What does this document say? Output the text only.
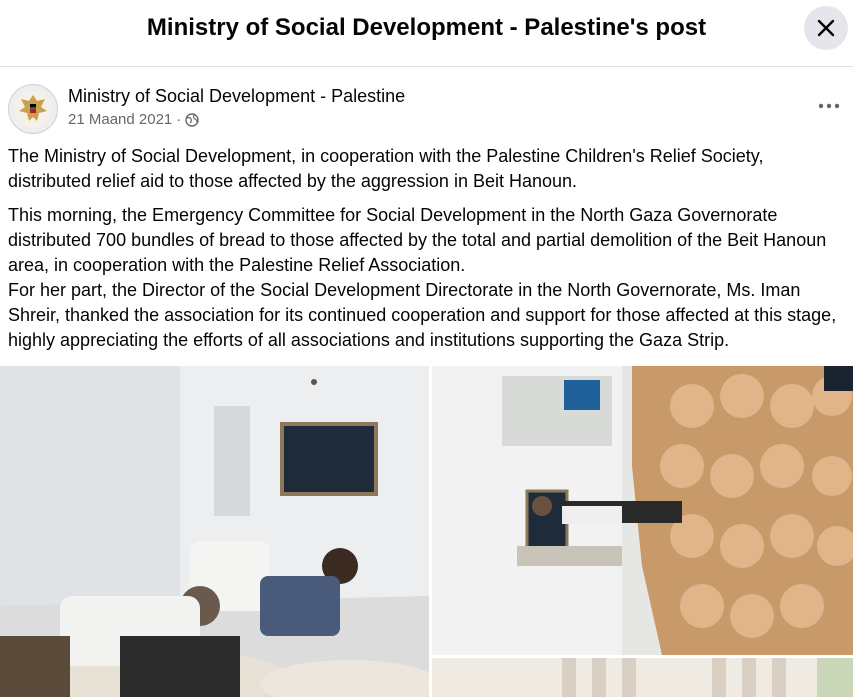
Ministry of Social Development - Palestine's post
Ministry of Social Development - Palestine
21 Maand 2021 ·

The Ministry of Social Development, in cooperation with the Palestine Children's Relief Society, distributed relief aid to those affected by the aggression in Beit Hanoun.

This morning, the Emergency Committee for Social Development in the North Gaza Governorate distributed 700 bundles of bread to those affected by the total and partial demolition of the Beit Hanoun area, in cooperation with the Palestine Relief Association.
For her part, the Director of the Social Development Directorate in the North Governorate, Ms. Iman Shreir, thanked the association for its continued cooperation and support for those affected at this stage, highly appreciating the efforts of all associations and institutions supporting the Gaza Strip.
